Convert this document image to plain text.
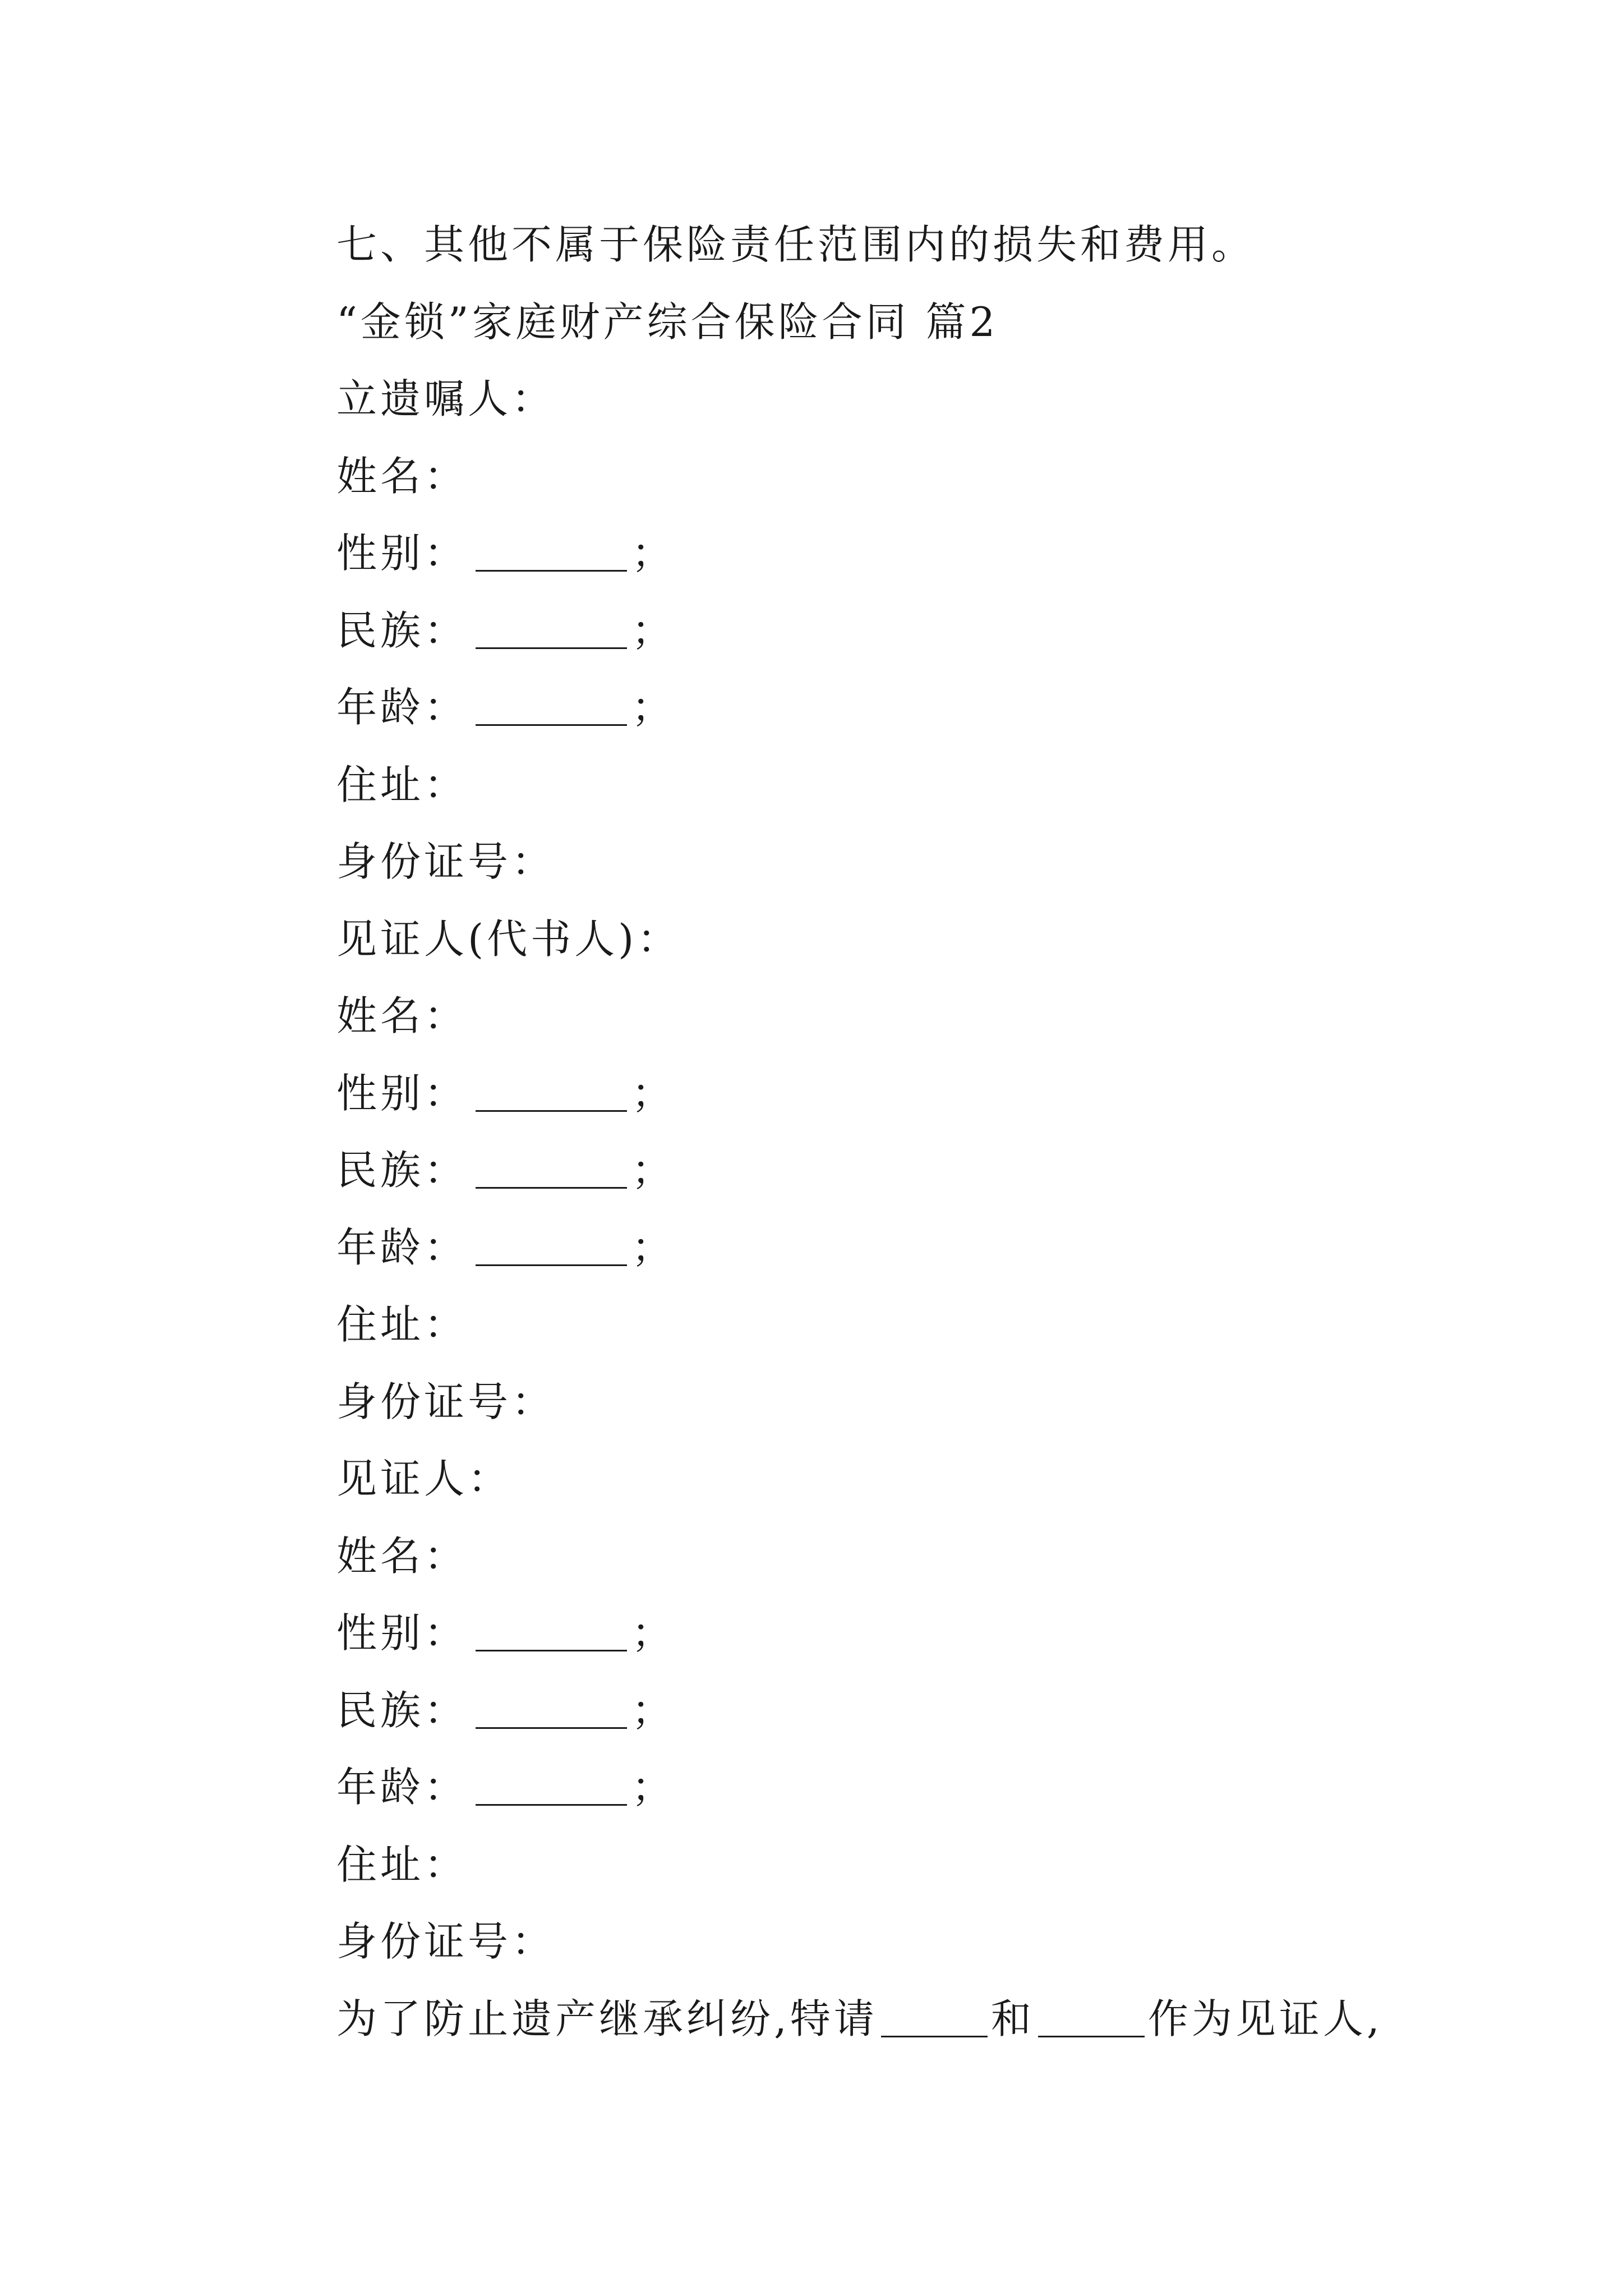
七、其他不属于保险责任范围内的损失和费用。
“金锁”家庭财产综合保险合同 篇2
立遗嘱人：
姓名：
性别：	；
民族：	；
年龄：	；
住址：
身份证号：
见证人(代书人)：
姓名：
性别：	；
民族：	；
年龄：	；
住址：
身份证号：
见证人：
姓名：
性别：	；
民族：	；
年龄：	；
住址：
身份证号：
为了防止遗产继承纠纷,特请	和	作为见证人,
